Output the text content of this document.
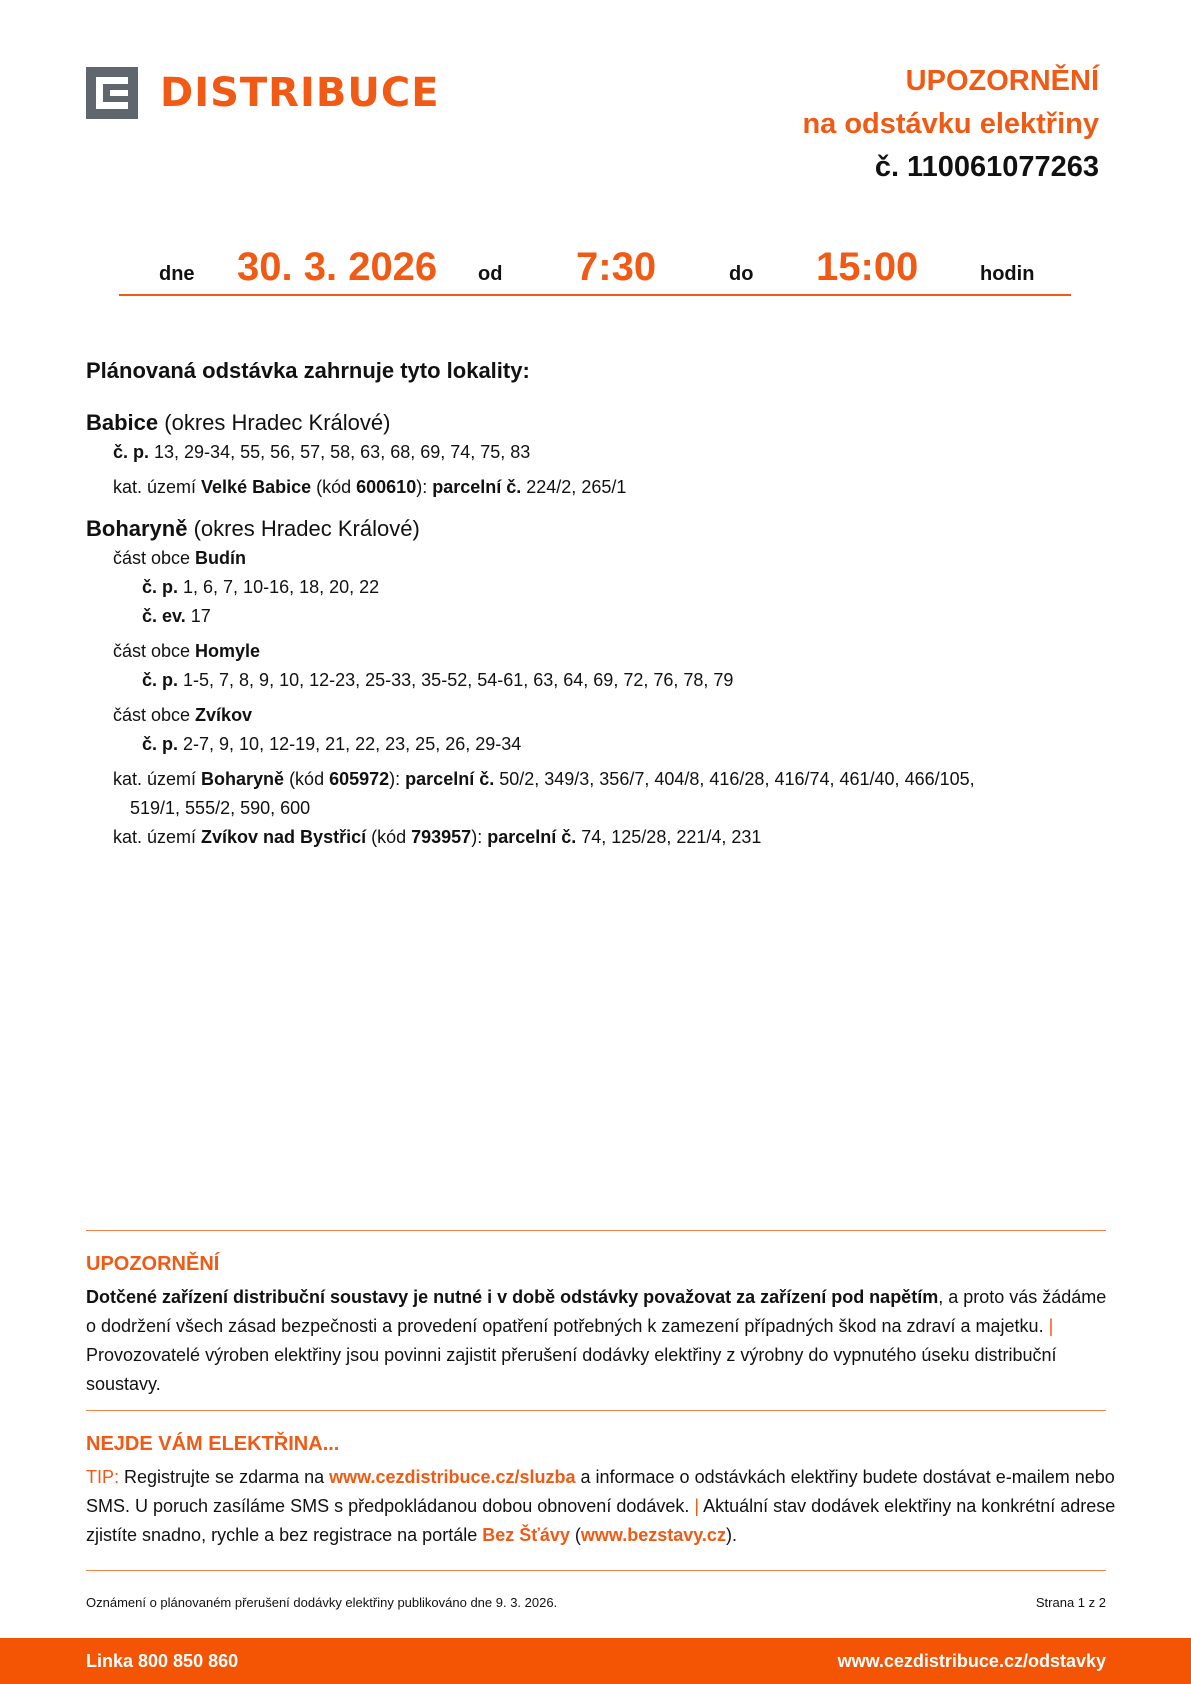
DISTRIBUCE	UPOZORNĚNÍ
na odstávku elektřiny
č. 110061077263
dne 30. 3. 2026 od 7:30	do 15:00	hodin
Plánovaná odstávka zahrnuje tyto lokality:
Babice (okres Hradec Králové)
č. p. 13, 29-34, 55, 56, 57, 58, 63, 68, 69, 74, 75, 83
kat. území Velké Babice (kód 600610): parcelní č. 224/2, 265/1
Boharyně (okres Hradec Králové)
část obce Budín
č. p. 1, 6, 7, 10-16, 18, 20, 22
č. ev. 17
část obce Homyle
č. p. 1-5, 7, 8, 9, 10, 12-23, 25-33, 35-52, 54-61, 63, 64, 69, 72, 76, 78, 79
část obce Zvíkov
č. p. 2-7, 9, 10, 12-19, 21, 22, 23, 25, 26, 29-34
kat. území Boharyně (kód 605972): parcelní č. 50/2, 349/3, 356/7, 404/8, 416/28, 416/74, 461/40, 466/105,
519/1, 555/2, 590, 600
kat. území Zvíkov nad Bystřicí (kód 793957): parcelní č. 74, 125/28, 221/4, 231
UPOZORNĚNÍ
Dotčené zařízení distribuční soustavy je nutné i v době odstávky považovat za zařízení pod napětím, a proto vás žádáme o dodržení všech zásad bezpečnosti a provedení opatření potřebných k zamezení případných škod na zdraví a majetku. | Provozovatelé výroben elektřiny jsou povinni zajistit přerušení dodávky elektřiny z výrobny do vypnutého úseku distribuční soustavy.
NEJDE VÁM ELEKTŘINA...
TIP: Registrujte se zdarma na www.cezdistribuce.cz/sluzba a informace o odstávkách elektřiny budete dostávat e-mailem nebo SMS. U poruch zasíláme SMS s předpokládanou dobou obnovení dodávek. | Aktuální stav dodávek elektřiny na konkrétní adrese zjistíte snadno, rychle a bez registrace na portále Bez Šťávy (www.bezstavy.cz).
Oznámení o plánovaném přerušení dodávky elektřiny publikováno dne 9. 3. 2026.	Strana 1 z 2
Linka 800 850 860	www.cezdistribuce.cz/odstavky
